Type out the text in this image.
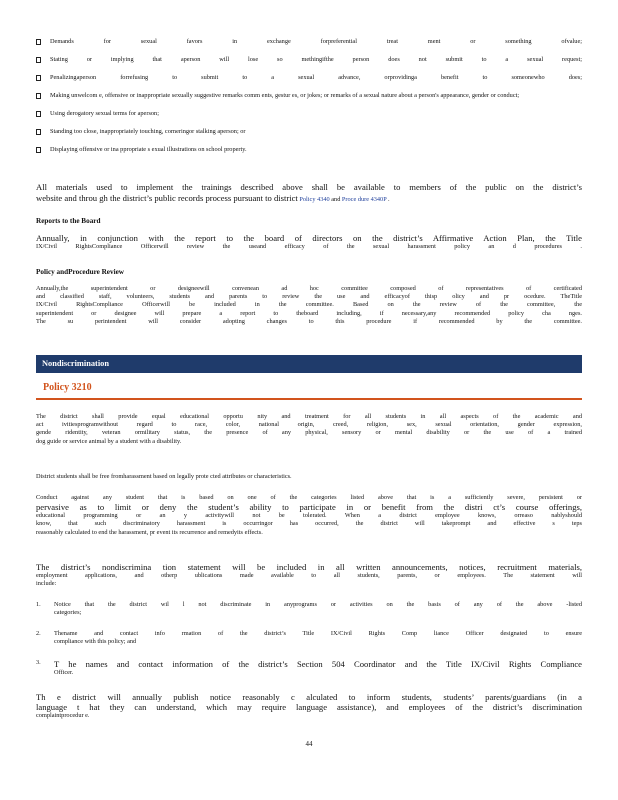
Demands for sexual favors in exchange forpreferential treat ment or something ofvalue;
Stating or implying that aperson will lose so methingifthe person does not submit to a sexual request;
Penalizingaperson forrefusing to submit to a sexual advance, orprovidinga benefit to someonewho does;
Making unwelcom e, offensive or inappropriate sexually suggestive remarks comm ents, gestur es, or jokes; or remarks of a sexual nature about a person's appearance, gender or conduct;
Using derogatory sexual terms for aperson;
Standing too close, inappropriately touching, corneringor stalking aperson; or
Displaying offensive or ina ppropriate s exual illustrations on school property.
All materials used to implement the trainings described above shall be available to members of the public on the district’s
website and throu gh the district’s public records process pursuant to district Policy 4340 and Proce dure 4340P .
Reports to the Board
Annually, in conjunction with the report to the board of directors on the district’s Affirmative Action Plan, the Title
IX/Civil RightsCompliance Officerwill review the useand efficacy of the sexual harassment policy an d procedures .
Policy andProcedure Review
Annually,the superintendent or designeewill convenean ad hoc committee composed of representatives of certificated
and classified staff, volunteers, students and parents to review the use and efficacyof thisp olicy and pr ocedure. TheTitle
IX/Civil RightsCompliance Officerwill be included in the committee. Based on the review of the committee, the
superintendent or designee will prepare a report to theboard including, if necessary,any recommended policy cha nges.
The su perintendent will consider adopting changes to this procedure if recommended by the committee.
Nondiscrimination
Policy 3210
The district shall provide equal educational opportu nity and treatment for all students in all aspects of the academic and
act ivitiesprogramwithout regard to race, color, national origin, creed, religion, sex, sexual orientation, gender expression,
gende ridentity, veteran ormilitary status, the presence of any physical, sensory or mental disability or the use of a trained
dog guide or service animal by a student with a disability.
District students shall be free fromharassment based on legally prote cted attributes or characteristics.
Conduct against any student that is based on one of the categories listed above that is a sufficiently severe, persistent or
pervasive as to limit or deny the student’s ability to participate in or benefit from the distri ct’s course offerings,
educational programming or an y activitywill not be tolerated. When a district employee knows, orreaso nablyshould
know, that such discriminatory harassment is occurringor has occurred, the district will takeprompt and effective s teps
reasonably calculated to end the harassment, pr event its recurrence and remedyits effects.
The district’s nondiscrimina tion statement will be included in all written announcements, notices, recruitment materials,
employment applications, and otherp ublications made available to all students, parents, or employees. The statement will
include:
1.	Notice that the district wil l not discriminate in anyprograms or activities on the basis of any of the above -listed
categories;
2.	Thename and contact info rmation of the district’s Title IX/Civil Rights Comp liance Officer designated to ensure
compliance with this policy; and
3.	T he names and contact information of the district’s Section 504 Coordinator and the Title IX/Civil Rights Compliance
Officer.
Th e district will annually publish notice reasonably c alculated to inform students, students’ parents/guardians (in a
language t hat they can understand, which may require language assistance), and employees of the district’s discrimination
complaintprocedur e.
44
